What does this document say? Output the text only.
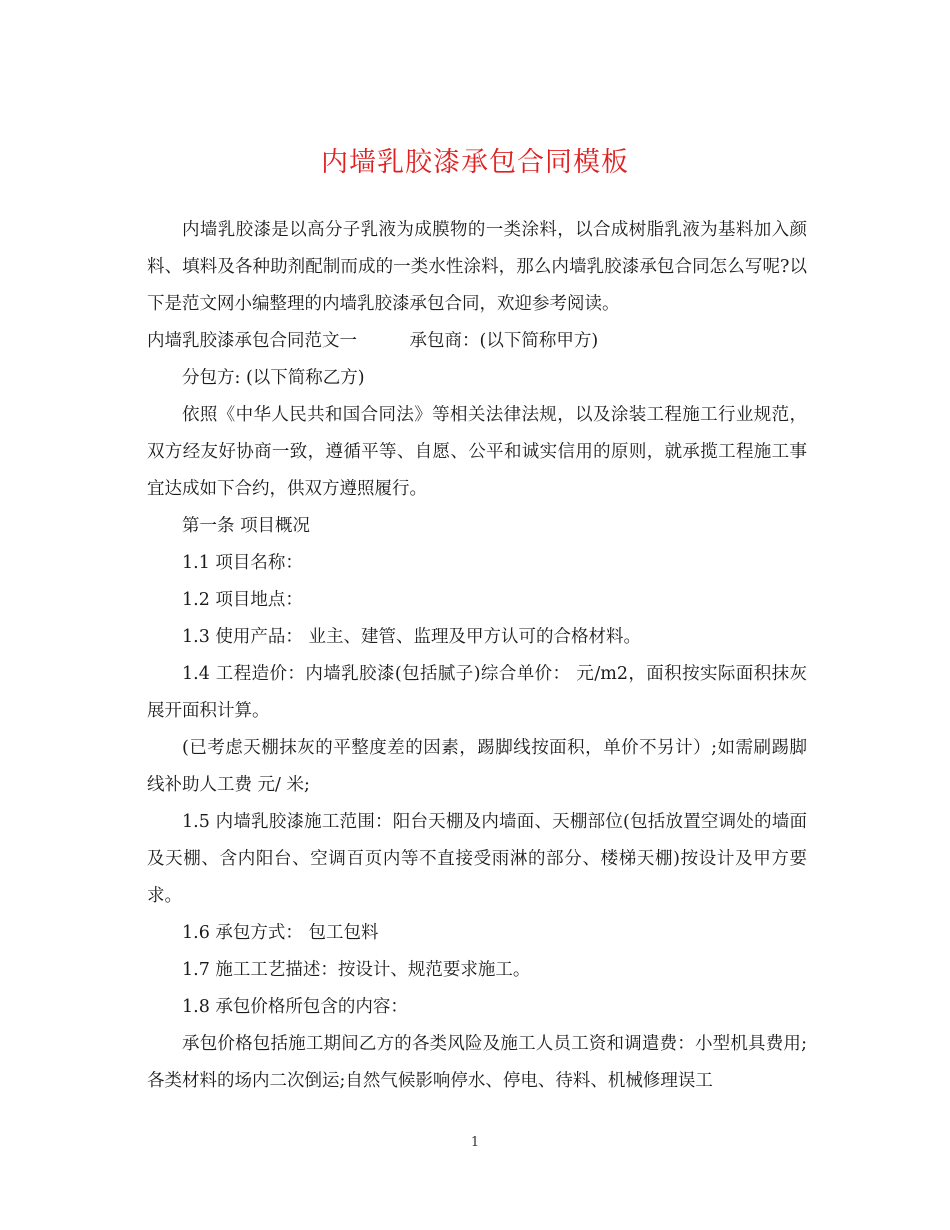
内墙乳胶漆承包合同模板

内墙乳胶漆是以高分子乳液为成膜物的一类涂料，以合成树脂乳液为基料加入颜料、填料及各种助剂配制而成的一类水性涂料，那么内墙乳胶漆承包合同怎么写呢?以下是范文网小编整理的内墙乳胶漆承包合同，欢迎参考阅读。

内墙乳胶漆承包合同范文一　　　承包商：(以下简称甲方)

分包方: (以下简称乙方)

依照《中华人民共和国合同法》等相关法律法规，以及涂装工程施工行业规范，双方经友好协商一致，遵循平等、自愿、公平和诚实信用的原则，就承揽工程施工事宜达成如下合约，供双方遵照履行。

第一条 项目概况

1.1 项目名称：

1.2 项目地点：

1.3 使用产品： 业主、建管、监理及甲方认可的合格材料。

1.4 工程造价：内墙乳胶漆(包括腻子)综合单价： 元/m2，面积按实际面积抹灰展开面积计算。

(已考虑天棚抹灰的平整度差的因素，踢脚线按面积，单价不另计）;如需刷踢脚线补助人工费 元/ 米;

1.5 内墙乳胶漆施工范围：阳台天棚及内墙面、天棚部位(包括放置空调处的墙面及天棚、含内阳台、空调百页内等不直接受雨淋的部分、楼梯天棚)按设计及甲方要求。

1.6 承包方式： 包工包料

1.7 施工工艺描述：按设计、规范要求施工。

1.8 承包价格所包含的内容：

承包价格包括施工期间乙方的各类风险及施工人员工资和调遣费：小型机具费用;各类材料的场内二次倒运;自然气候影响停水、停电、待料、机械修理误工

1
